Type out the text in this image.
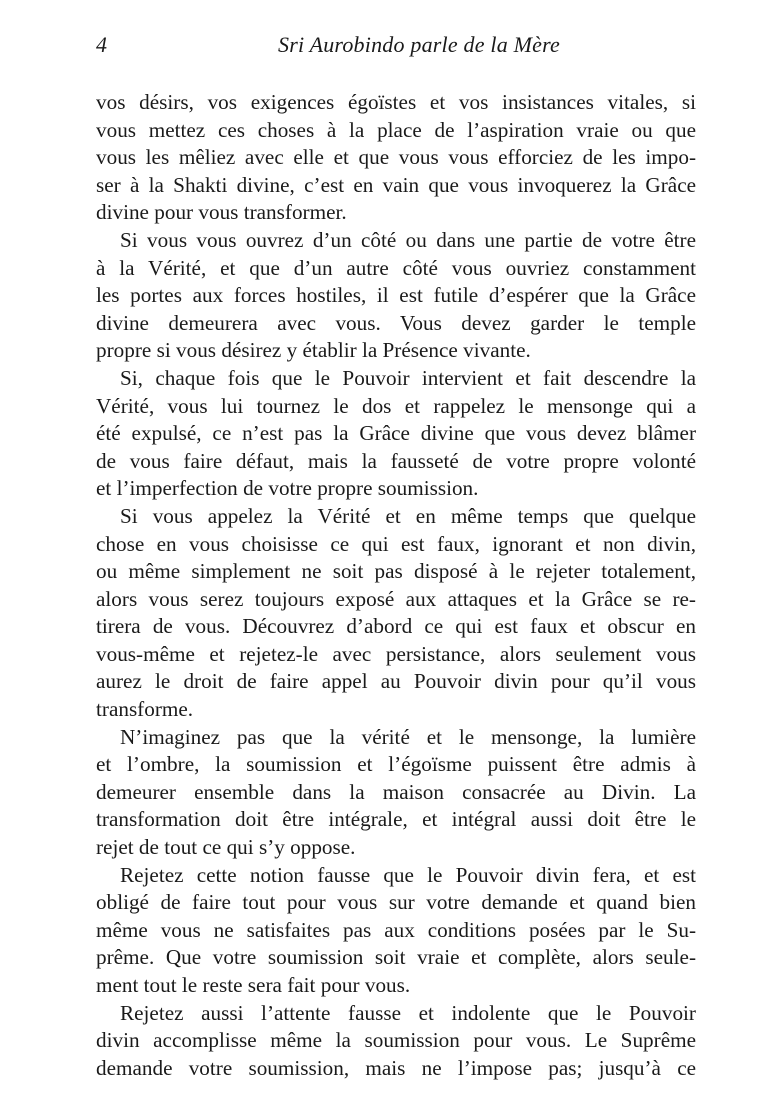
4	Sri Aurobindo parle de la Mère
vos désirs, vos exigences égoïstes et vos insistances vitales, si
vous mettez ces choses à la place de l’aspiration vraie ou que
vous les mêliez avec elle et que vous vous efforciez de les impo-
ser à la Shakti divine, c’est en vain que vous invoquerez la Grâce
divine pour vous transformer.
Si vous vous ouvrez d’un côté ou dans une partie de votre être
à la Vérité, et que d’un autre côté vous ouvriez constamment
les portes aux forces hostiles, il est futile d’espérer que la Grâce
divine demeurera avec vous. Vous devez garder le temple
propre si vous désirez y établir la Présence vivante.
Si, chaque fois que le Pouvoir intervient et fait descendre la
Vérité, vous lui tournez le dos et rappelez le mensonge qui a
été expulsé, ce n’est pas la Grâce divine que vous devez blâmer
de vous faire défaut, mais la fausseté de votre propre volonté
et l’imperfection de votre propre soumission.
Si vous appelez la Vérité et en même temps que quelque
chose en vous choisisse ce qui est faux, ignorant et non divin,
ou même simplement ne soit pas disposé à le rejeter totalement,
alors vous serez toujours exposé aux attaques et la Grâce se re-
tirera de vous. Découvrez d’abord ce qui est faux et obscur en
vous-même et rejetez-le avec persistance, alors seulement vous
aurez le droit de faire appel au Pouvoir divin pour qu’il vous
transforme.
N’imaginez pas que la vérité et le mensonge, la lumière
et l’ombre, la soumission et l’égoïsme puissent être admis à
demeurer ensemble dans la maison consacrée au Divin. La
transformation doit être intégrale, et intégral aussi doit être le
rejet de tout ce qui s’y oppose.
Rejetez cette notion fausse que le Pouvoir divin fera, et est
obligé de faire tout pour vous sur votre demande et quand bien
même vous ne satisfaites pas aux conditions posées par le Su-
prême. Que votre soumission soit vraie et complète, alors seule-
ment tout le reste sera fait pour vous.
Rejetez aussi l’attente fausse et indolente que le Pouvoir
divin accomplisse même la soumission pour vous. Le Suprême
demande votre soumission, mais ne l’impose pas; jusqu’à ce
